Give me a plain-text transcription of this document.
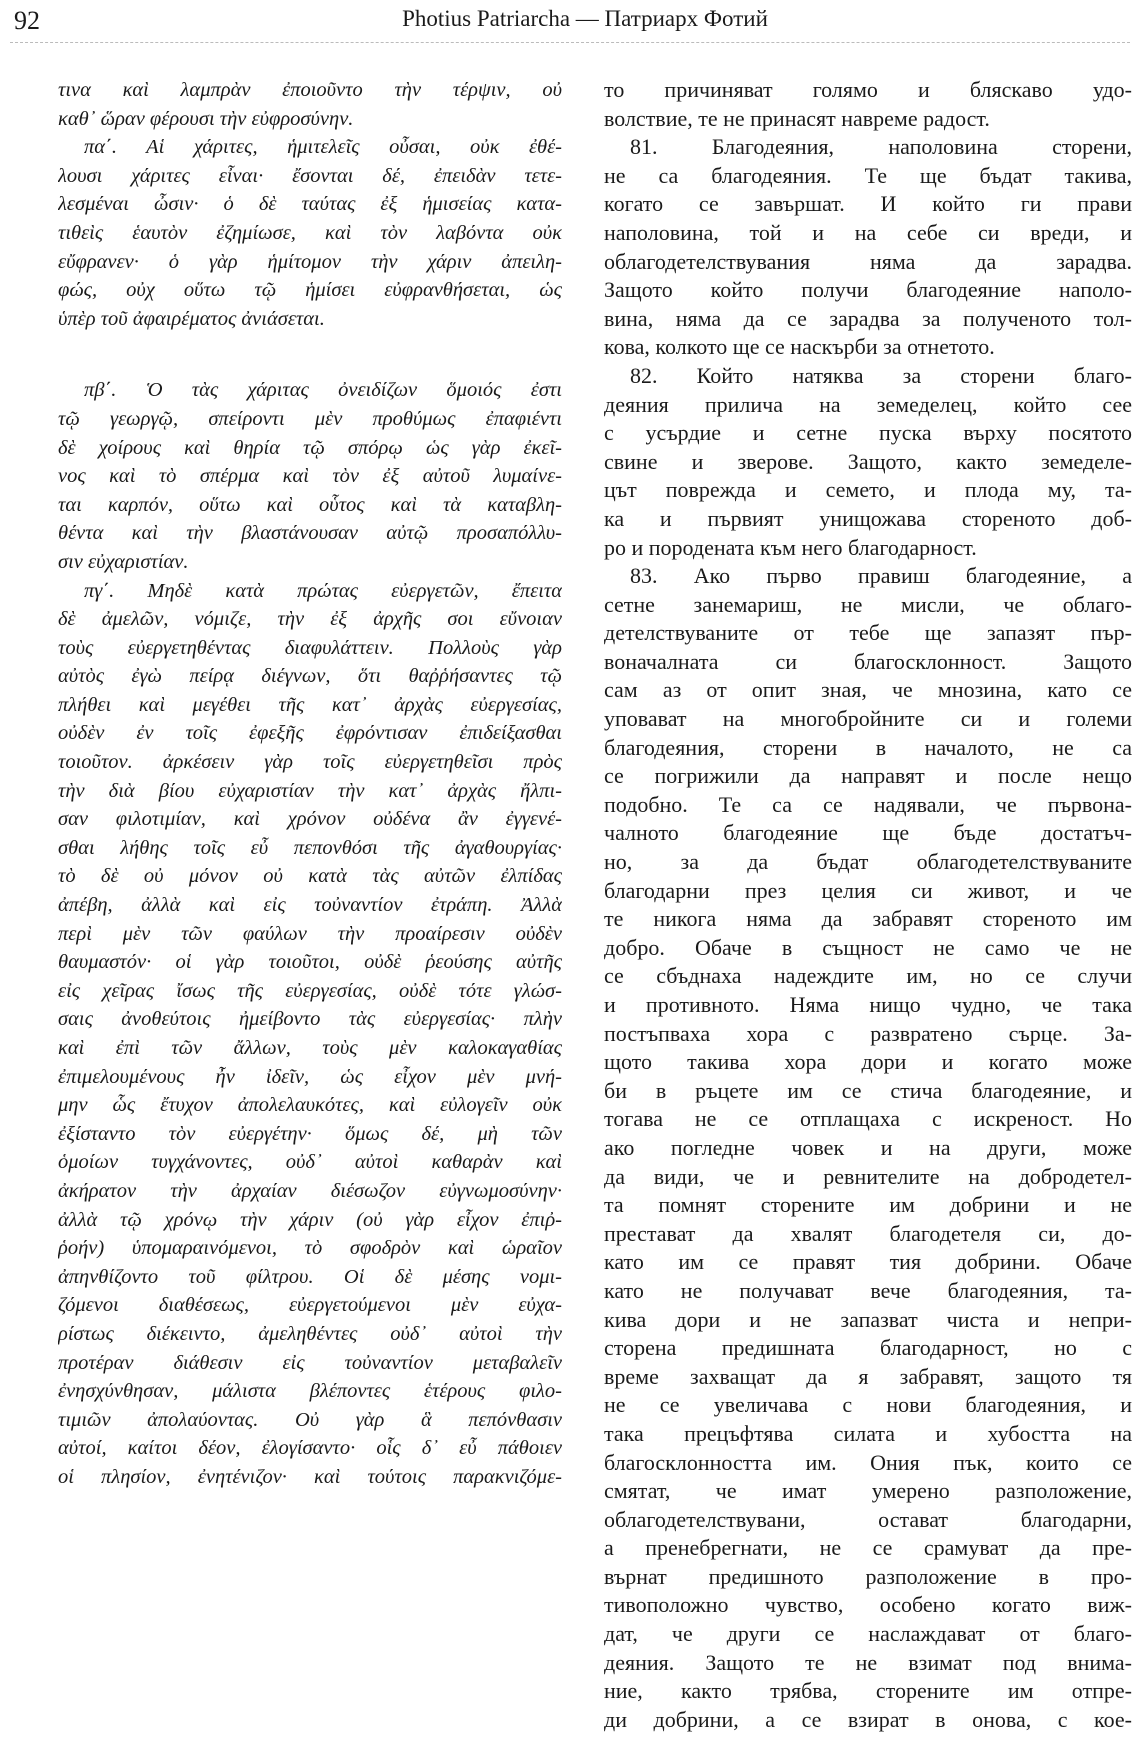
92	Photius Patriarcha — Патриарх Фотий
τινα καὶ λαμπρὰν ἐποιοῦντο τὴν τέρψιν, οὐ
καθ᾽ ὥραν φέρουσι τὴν εὐφροσύνην.
πα΄. Αἱ χάριτες, ἡμιτελεῖς οὖσαι, οὐκ ἐθέ-
λουσι χάριτες εἶναι· ἔσονται δέ, ἐπειδὰν τετε-
λεσμέναι ὦσιν· ὁ δὲ ταύτας ἐξ ἡμισείας κατα-
τιθεὶς ἑαυτὸν ἐζημίωσε, καὶ τὸν λαβόντα οὐκ
εὔφρανεν· ὁ γὰρ ἡμίτομον τὴν χάριν ἀπειλη-
φώς, οὐχ οὕτω τῷ ἡμίσει εὐφρανθήσεται, ὡς
ὑπὲρ τοῦ ἀφαιρέματος ἀνιάσεται.
πβ΄. Ὁ τὰς χάριτας ὀνειδίζων ὅμοιός ἐστι
τῷ γεωργῷ, σπείροντι μὲν προθύμως ἐπαφιέντι
δὲ χοίρους καὶ θηρία τῷ σπόρῳ ὡς γὰρ ἐκεῖ-
νος καὶ τὸ σπέρμα καὶ τὸν ἐξ αὐτοῦ λυμαίνε-
ται καρπόν, οὕτω καὶ οὗτος καὶ τὰ καταβλη-
θέντα καὶ τὴν βλαστάνουσαν αὐτῷ προσαπόλλυ-
σιν εὐχαριστίαν.
πγ΄. Μηδὲ κατὰ πρώτας εὐεργετῶν, ἔπειτα
δὲ ἀμελῶν, νόμιζε, τὴν ἐξ ἀρχῆς σοι εὔνοιαν
τοὺς εὐεργετηθέντας διαφυλάττειν. Πολλοὺς γὰρ
αὐτὸς ἐγὼ πείρᾳ διέγνων, ὅτι θαῤῥήσαντες τῷ
πλήθει καὶ μεγέθει τῆς κατ᾽ ἀρχὰς εὐεργεσίας,
οὐδὲν ἐν τοῖς ἐφεξῆς ἐφρόντισαν ἐπιδείξασθαι
τοιοῦτον. ἀρκέσειν γὰρ τοῖς εὐεργετηθεῖσι πρὸς
τὴν διὰ βίου εὐχαριστίαν τὴν κατ᾽ ἀρχὰς ἤλπι-
σαν φιλοτιμίαν, καὶ χρόνον οὐδένα ἂν ἐγγενέ-
σθαι λήθης τοῖς εὖ πεπονθόσι τῆς ἀγαθουργίας·
τὸ δὲ οὐ μόνον οὐ κατὰ τὰς αὐτῶν ἐλπίδας
ἀπέβη, ἀλλὰ καὶ εἰς τοὐναντίον ἐτράπη. Ἀλλὰ
περὶ μὲν τῶν φαύλων τὴν προαίρεσιν οὐδὲν
θαυμαστόν· οἱ γὰρ τοιοῦτοι, οὐδὲ ῥεούσης αὐτῆς
εἰς χεῖρας ἴσως τῆς εὐεργεσίας, οὐδὲ τότε γλώσ-
σαις ἀνοθεύτοις ἠμείβοντο τὰς εὐεργεσίας· πλὴν
καὶ ἐπὶ τῶν ἄλλων, τοὺς μὲν καλοκαγαθίας
ἐπιμελουμένους ἦν ἰδεῖν, ὡς εἶχον μὲν μνή-
μην ὧς ἔτυχον ἀπολελαυκότες, καὶ εὐλογεῖν οὐκ
ἐξίσταντο τὸν εὐεργέτην· ὅμως δέ, μὴ τῶν
ὁμοίων τυγχάνοντες, οὐδ᾽ αὐτοὶ καθαρὰν καὶ
ἀκήρατον τὴν ἀρχαίαν διέσωζον εὐγνωμοσύνην·
ἀλλὰ τῷ χρόνῳ τὴν χάριν (οὐ γὰρ εἶχον ἐπιῤ-
ῥοήν) ὑπομαραινόμενοι, τὸ σφοδρὸν καὶ ὡραῖον
ἀπηνθίζοντο τοῦ φίλτρου. Οἱ δὲ μέσης νομι-
ζόμενοι διαθέσεως, εὐεργετούμενοι μὲν εὐχα-
ρίστως διέκειντο, ἀμεληθέντες οὐδ᾽ αὐτοὶ τὴν
προτέραν διάθεσιν εἰς τοὐναντίον μεταβαλεῖν
ἐνησχύνθησαν, μάλιστα βλέποντες ἑτέρους φιλο-
τιμιῶν ἀπολαύοντας. Οὐ γὰρ ἃ πεπόνθασιν
αὐτοί, καίτοι δέον, ἐλογίσαντο· οἷς δ᾽ εὖ πάθοιεν
οἱ πλησίον, ἐνητένιζον· καὶ τούτοις παρακνιζόμε-
то причиняват голямо и бляскаво удо-
волствие, те не принасят навреме радост.
81. Благодеяния, наполовина сторени,
не са благодеяния. Те ще бъдат такива,
когато се завършат. И който ги прави
наполовина, той и на себе си вреди, и
облагодетелствувания няма да зарадва.
Защото който получи благодеяние наполо-
вина, няма да се зарадва за полученото тол-
кова, колкото ще се наскърби за отнетото.
82. Който натяква за сторени благо-
деяния прилича на земеделец, който сее
с усърдие и сетне пуска върху посятото
свине и зверове. Защото, както земеделе-
цът поврежда и семето, и плода му, та-
ка и първият унищожава стореното доб-
ро и породената към него благодарност.
83. Ако първо правиш благодеяние, а
сетне занемариш, не мисли, че облаго-
детелствуваните от тебе ще запазят пър-
воначалната си благосклонност. Защото
сам аз от опит зная, че мнозина, като се
уповават на многобройните си и големи
благодеяния, сторени в началото, не са
се погрижили да направят и после нещо
подобно. Те са се надявали, че първона-
чалното благодеяние ще бъде достатъч-
но, за да бъдат облагодетелствуваните
благодарни през целия си живот, и че
те никога няма да забравят стореното им
добро. Обаче в същност не само че не
се сбъднаха надеждите им, но се случи
и противното. Няма нищо чудно, че така
постъпваха хора с развратено сърце. За-
щото такива хора дори и когато може
би в ръцете им се стича благодеяние, и
тогава не се отплащаха с искреност. Но
ако погледне човек и на други, може
да види, че и ревнителите на добродетел-
та помнят сторените им добрини и не
престават да хвалят благодетеля си, до-
като им се правят тия добрини. Обаче
като не получават вече благодеяния, та-
кива дори и не запазват чиста и непри-
сторена предишната благодарност, но с
време захващат да я забравят, защото тя
не се увеличава с нови благодеяния, и
така прецъфтява силата и хубостта на
благосклонността им. Ония пък, които се
смятат, че имат умерено разположение,
облагодетелствувани, остават благодарни,
а пренебрегнати, не се срамуват да пре-
върнат предишното разположение в про-
тивоположно чувство, особено когато виж-
дат, че други се наслаждават от благо-
деяния. Защото те не взимат под внима-
ние, както трябва, сторените им отпре-
ди добрини, а се взират в онова, с кое-
